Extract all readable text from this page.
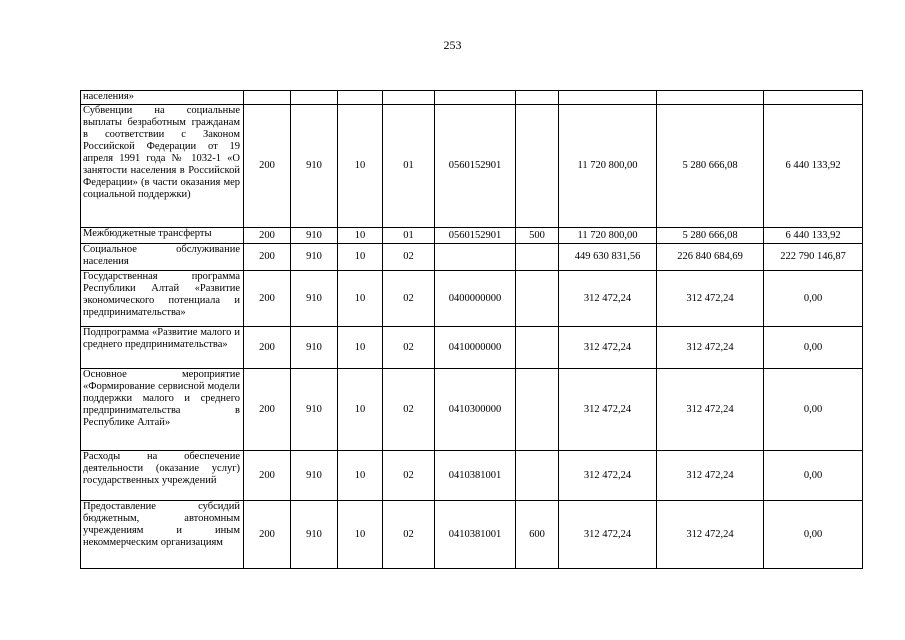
253
населения»									
Субвенции на социальные выплаты безработным гражданам в соответствии с Законом Российской Федерации от 19 апреля 1991 года № 1032-1 «О занятости населения в Российской Федерации» (в части оказания мер социальной поддержки)	200	910	10	01	0560152901		11 720 800,00	5 280 666,08	6 440 133,92
Межбюджетные трансферты	200	910	10	01	0560152901	500	11 720 800,00	5 280 666,08	6 440 133,92
Социальное обслуживание населения	200	910	10	02			449 630 831,56	226 840 684,69	222 790 146,87
Государственная программа Республики Алтай «Развитие экономического потенциала и предпринимательства»	200	910	10	02	0400000000		312 472,24	312 472,24	0,00
Подпрограмма «Развитие малого и среднего предпринимательства»	200	910	10	02	0410000000		312 472,24	312 472,24	0,00
Основное мероприятие «Формирование сервисной модели поддержки малого и среднего предпринимательства в Республике Алтай»	200	910	10	02	0410300000		312 472,24	312 472,24	0,00
Расходы на обеспечение деятельности (оказание услуг) государственных учреждений	200	910	10	02	0410381001		312 472,24	312 472,24	0,00
Предоставление субсидий бюджетным, автономным учреждениям и иным некоммерческим организациям	200	910	10	02	0410381001	600	312 472,24	312 472,24	0,00
